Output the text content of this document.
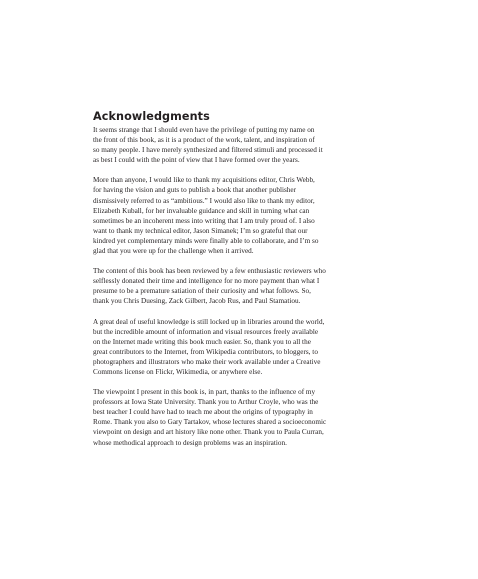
Acknowledgments
It seems strange that I should even have the privilege of putting my name on
the front of this book, as it is a product of the work, talent, and inspiration of
so many people. I have merely synthesized and filtered stimuli and processed it
as best I could with the point of view that I have formed over the years.
More than anyone, I would like to thank my acquisitions editor, Chris Webb,
for having the vision and guts to publish a book that another publisher
dismissively referred to as “ambitious.” I would also like to thank my editor,
Elizabeth Kuball, for her invaluable guidance and skill in turning what can
sometimes be an incoherent mess into writing that I am truly proud of. I also
want to thank my technical editor, Jason Simanek; I’m so grateful that our
kindred yet complementary minds were finally able to collaborate, and I’m so
glad that you were up for the challenge when it arrived.
The content of this book has been reviewed by a few enthusiastic reviewers who
selflessly donated their time and intelligence for no more payment than what I
presume to be a premature satiation of their curiosity and what follows. So,
thank you Chris Duesing, Zack Gilbert, Jacob Rus, and Paul Stamatiou.
A great deal of useful knowledge is still locked up in libraries around the world,
but the incredible amount of information and visual resources freely available
on the Internet made writing this book much easier. So, thank you to all the
great contributors to the Internet, from Wikipedia contributors, to bloggers, to
photographers and illustrators who make their work available under a Creative
Commons license on Flickr, Wikimedia, or anywhere else.
The viewpoint I present in this book is, in part, thanks to the influence of my
professors at Iowa State University. Thank you to Arthur Croyle, who was the
best teacher I could have had to teach me about the origins of typography in
Rome. Thank you also to Gary Tartakov, whose lectures shared a socioeconomic
viewpoint on design and art history like none other. Thank you to Paula Curran,
whose methodical approach to design problems was an inspiration.
